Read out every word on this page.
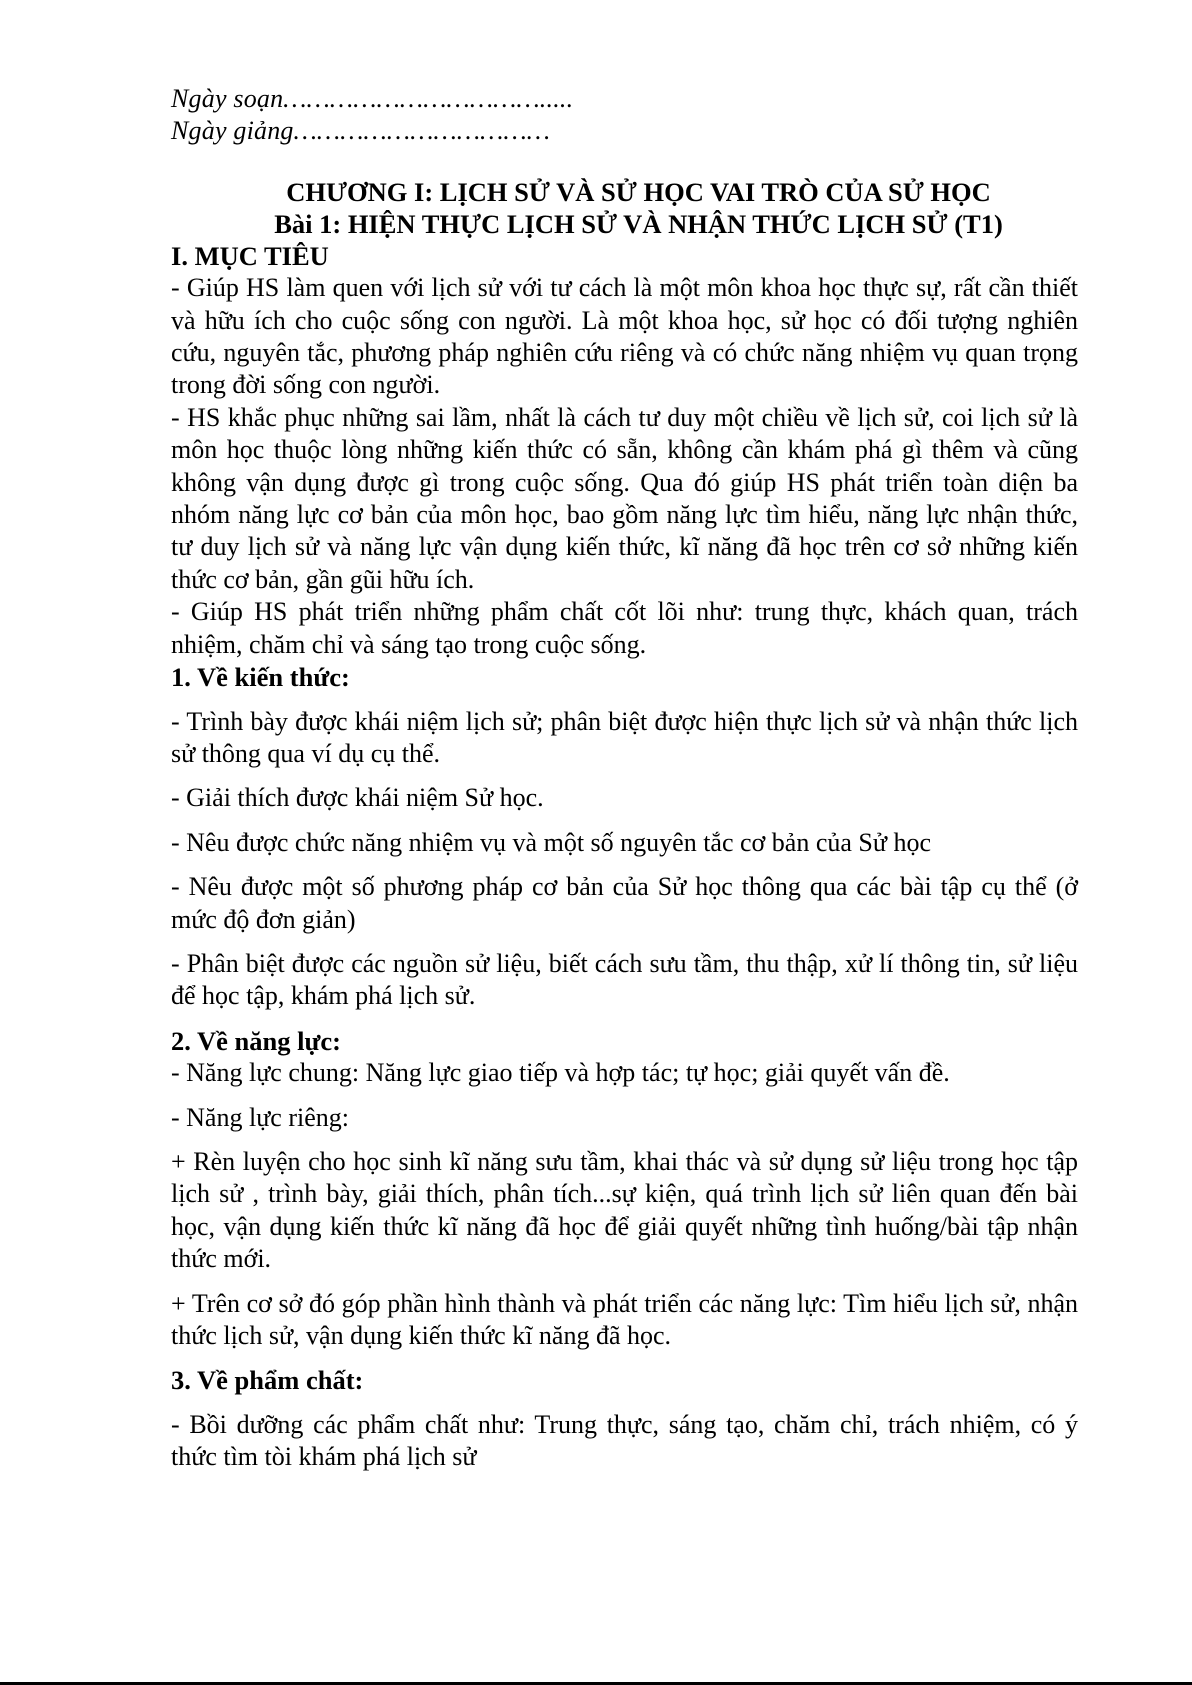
Ngày soạn…………………………….....
Ngày giảng……………………………
CHƯƠNG I: LỊCH SỬ VÀ SỬ HỌC VAI TRÒ CỦA SỬ HỌC
Bài 1: HIỆN THỰC LỊCH SỬ VÀ NHẬN THỨC LỊCH SỬ (T1)
I. MỤC TIÊU

- Giúp HS làm quen với lịch sử với tư cách là một môn khoa học thực sự, rất cần thiết và hữu ích cho cuộc sống con người. Là một khoa học, sử học có đối tượng nghiên cứu, nguyên tắc, phương pháp nghiên cứu riêng và có chức năng nhiệm vụ quan trọng trong đời sống con người.

- HS khắc phục những sai lầm, nhất là cách tư duy một chiều về lịch sử, coi lịch sử là môn học thuộc lòng những kiến thức có sẵn, không cần khám phá gì thêm và cũng không vận dụng được gì trong cuộc sống. Qua đó giúp HS phát triển toàn diện ba nhóm năng lực cơ bản của môn học, bao gồm năng lực tìm hiểu, năng lực nhận thức, tư duy lịch sử và năng lực vận dụng kiến thức, kĩ năng đã học trên cơ sở những kiến thức cơ bản, gần gũi hữu ích.

- Giúp HS phát triển những phẩm chất cốt lõi như: trung thực, khách quan, trách nhiệm, chăm chỉ và sáng tạo trong cuộc sống.

1. Về kiến thức:

- Trình bày được khái niệm lịch sử; phân biệt được hiện thực lịch sử và nhận thức lịch sử thông qua ví dụ cụ thể.

- Giải thích được khái niệm Sử học.

- Nêu được chức năng nhiệm vụ và một số nguyên tắc cơ bản của Sử học

- Nêu được một số phương pháp cơ bản của Sử học thông qua các bài tập cụ thể (ở mức độ đơn giản)

- Phân biệt được các nguồn sử liệu, biết cách sưu tầm, thu thập, xử lí thông tin, sử liệu để học tập, khám phá lịch sử.

2. Về năng lực:

- Năng lực chung: Năng lực giao tiếp và hợp tác; tự học; giải quyết vấn đề.

- Năng lực riêng:

+ Rèn luyện cho học sinh kĩ năng sưu tầm, khai thác và sử dụng sử liệu trong học tập lịch sử , trình bày, giải thích, phân tích...sự kiện, quá trình lịch sử liên quan đến bài học, vận dụng kiến thức kĩ năng đã học để giải quyết những tình huống/bài tập nhận thức mới.

+ Trên cơ sở đó góp phần hình thành và phát triển các năng lực: Tìm hiểu lịch sử, nhận thức lịch sử, vận dụng kiến thức kĩ năng đã học.

3. Về phẩm chất:

- Bồi dưỡng các phẩm chất như: Trung thực, sáng tạo, chăm chỉ, trách nhiệm, có ý thức tìm tòi khám phá lịch sử
